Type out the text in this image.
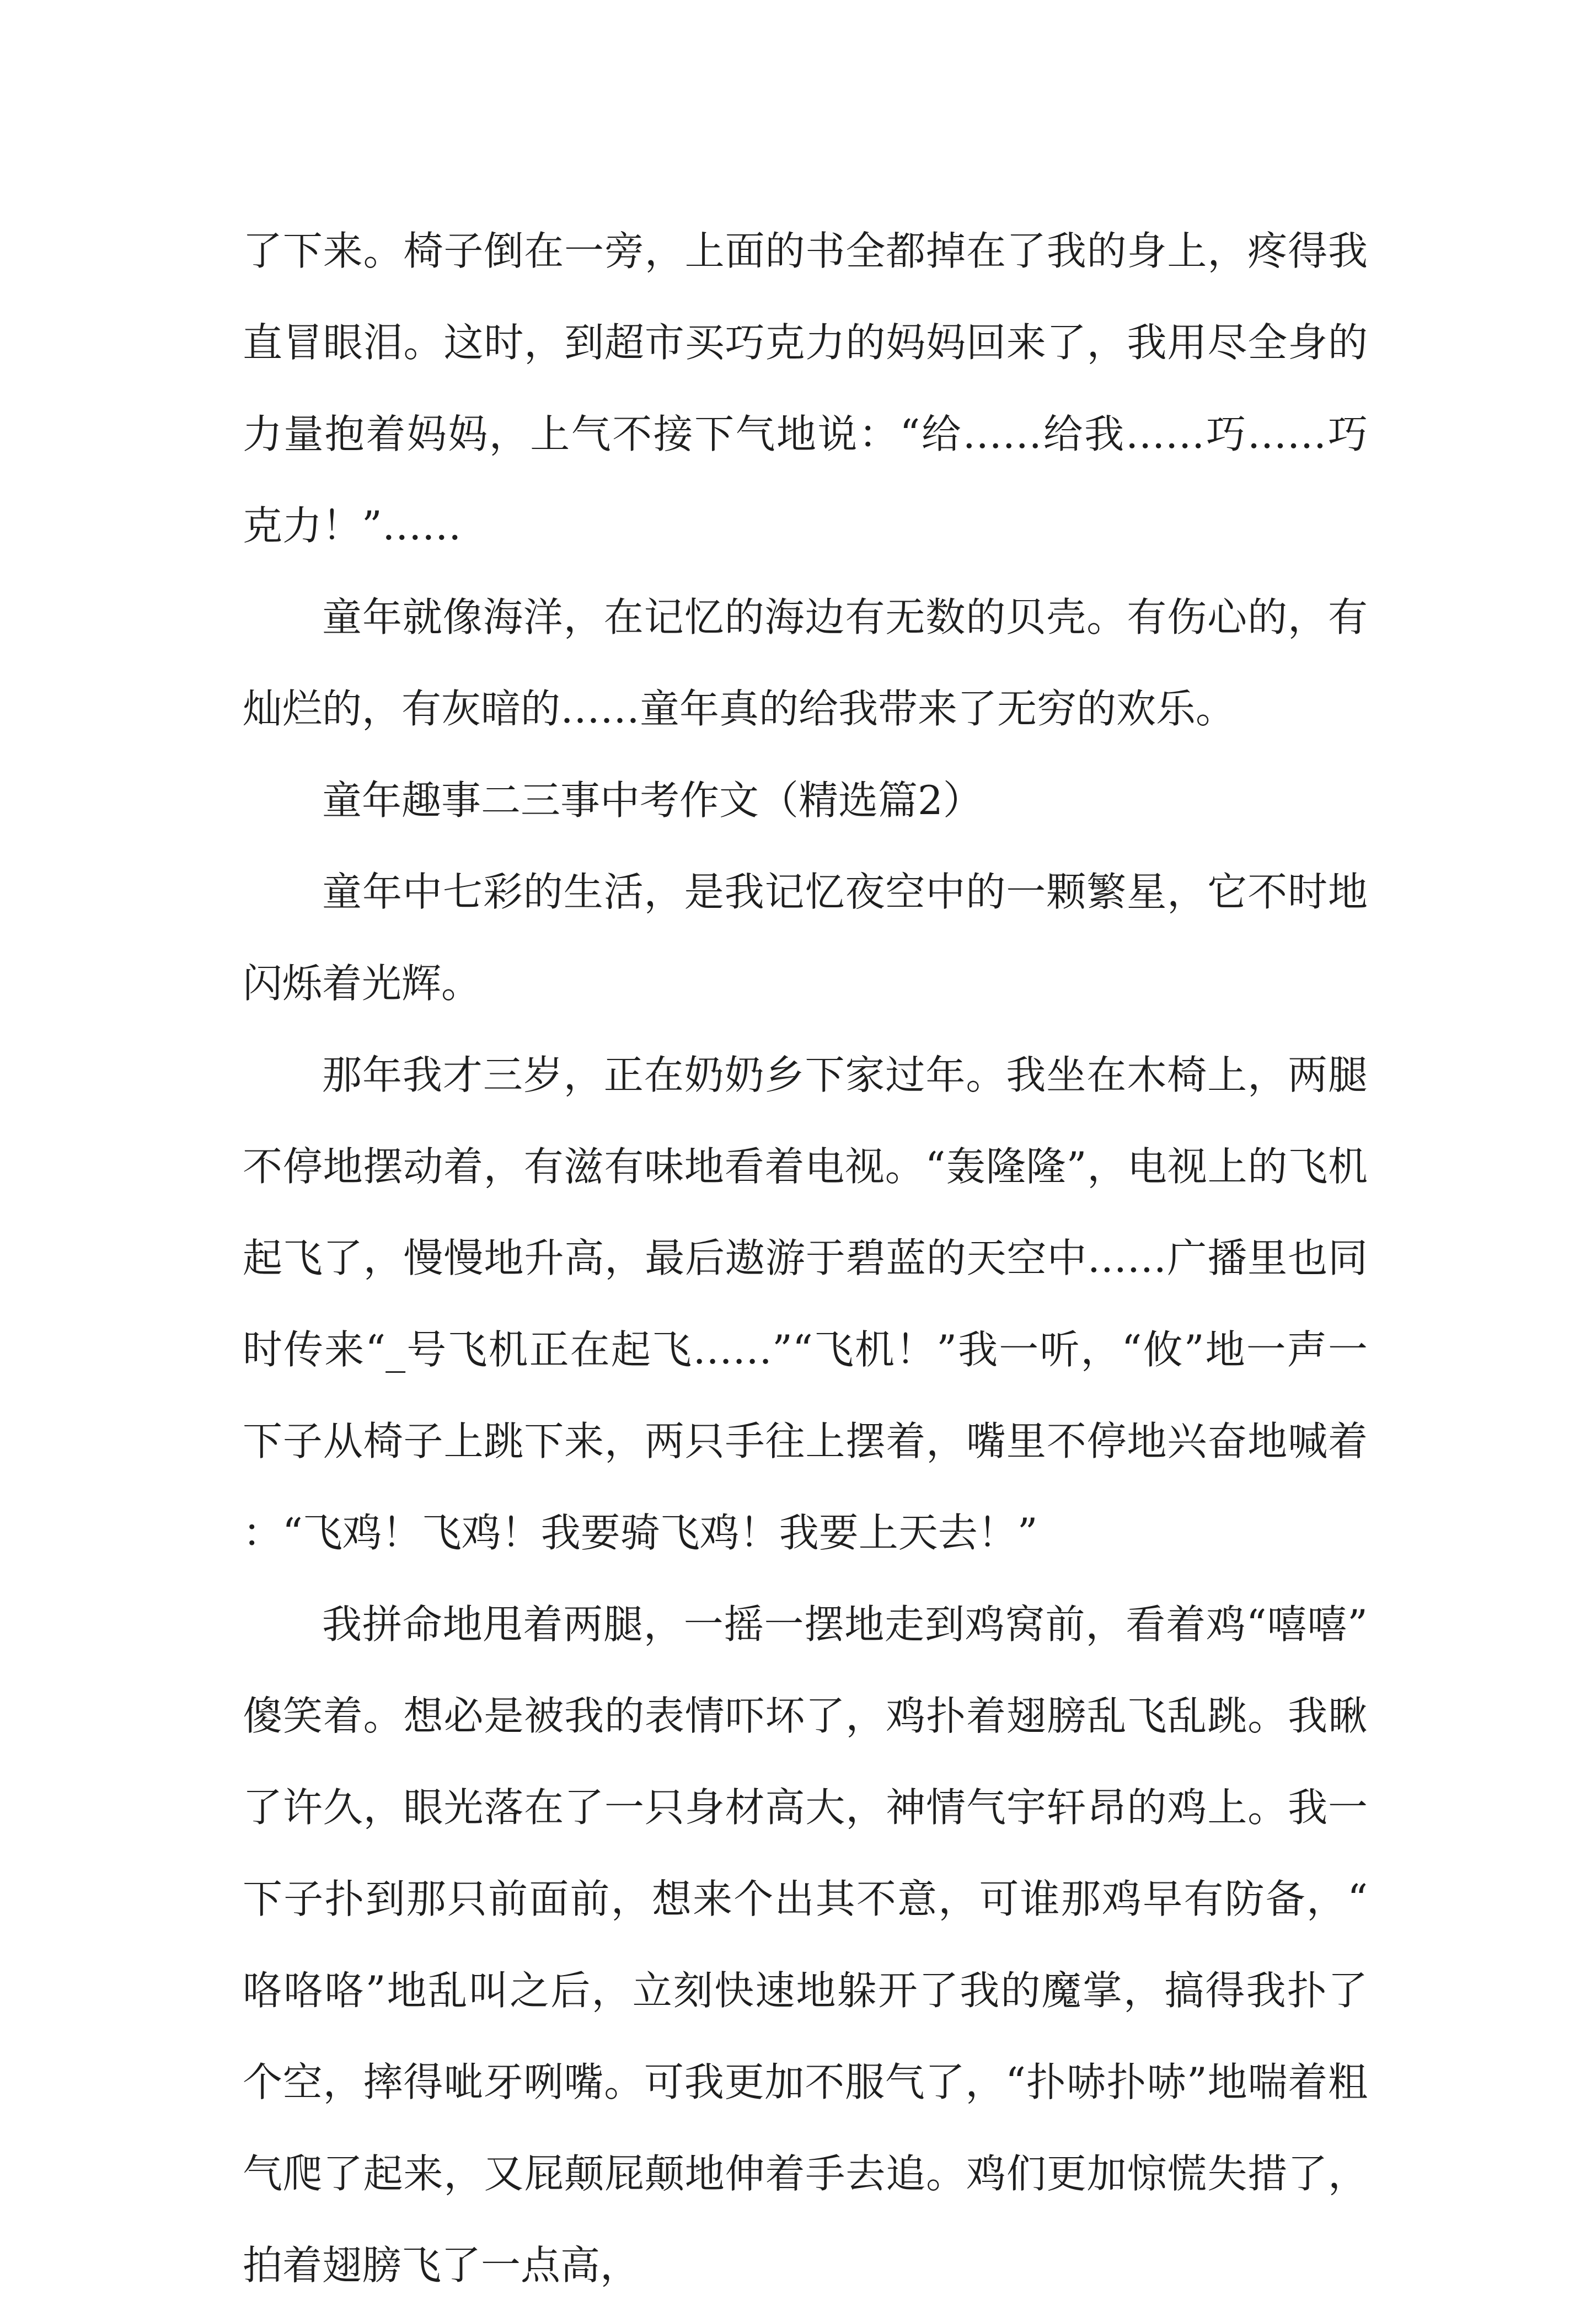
了下来。椅子倒在一旁，上面的书全都掉在了我的身上，疼得我直冒眼泪。这时，到超市买巧克力的妈妈回来了，我用尽全身的力量抱着妈妈，上气不接下气地说：“给……给我……巧……巧克力！”……

童年就像海洋，在记忆的海边有无数的贝壳。有伤心的，有灿烂的，有灰暗的……童年真的给我带来了无穷的欢乐。

童年趣事二三事中考作文（精选篇2）

童年中七彩的生活，是我记忆夜空中的一颗繁星，它不时地闪烁着光辉。

那年我才三岁，正在奶奶乡下家过年。我坐在木椅上，两腿不停地摆动着，有滋有味地看着电视。“轰隆隆”，电视上的飞机起飞了，慢慢地升高，最后遨游于碧蓝的天空中……广播里也同时传来“_号飞机正在起飞……”“飞机！”我一听，“攸”地一声一下子从椅子上跳下来，两只手往上摆着，嘴里不停地兴奋地喊着：“飞鸡！飞鸡！我要骑飞鸡！我要上天去！”

我拼命地甩着两腿，一摇一摆地走到鸡窝前，看着鸡“嘻嘻”傻笑着。想必是被我的表情吓坏了，鸡扑着翅膀乱飞乱跳。我瞅了许久，眼光落在了一只身材高大，神情气宇轩昂的鸡上。我一下子扑到那只前面前，想来个出其不意，可谁那鸡早有防备，“咯咯咯”地乱叫之后，立刻快速地躲开了我的魔掌，搞得我扑了个空，摔得呲牙咧嘴。可我更加不服气了，“扑哧扑哧”地喘着粗气爬了起来，又屁颠屁颠地伸着手去追。鸡们更加惊慌失措了，拍着翅膀飞了一点高，
